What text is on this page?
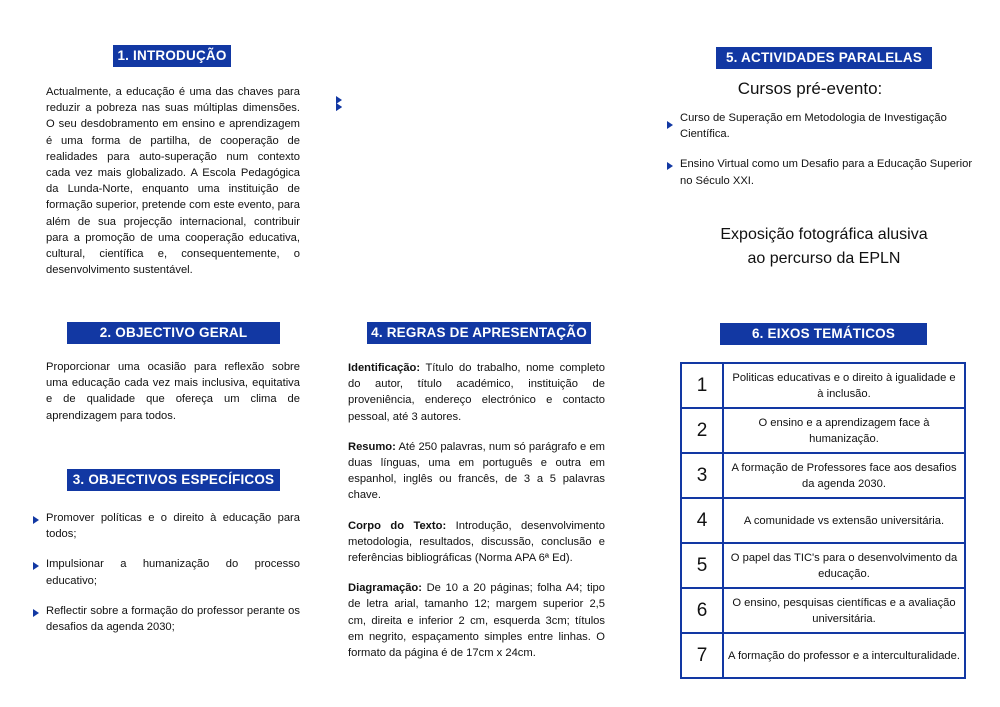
1. INTRODUÇÃO
Actualmente, a educação é uma das chaves para reduzir a pobreza nas suas múltiplas dimensões. O seu desdobramento em ensino e aprendizagem é uma forma de partilha, de cooperação de realidades para auto-superação num contexto cada vez mais globalizado. A Escola Pedagógica da Lunda-Norte, enquanto uma instituição de formação superior, pretende com este evento, para além de sua projecção internacional, contribuir para a promoção de uma cooperação educativa, cultural, científica e, consequentemente, o desenvolvimento sustentável.
2. OBJECTIVO GERAL
Proporcionar uma ocasião para reflexão sobre uma educação cada vez mais inclusiva, equitativa e de qualidade que ofereça um clima de aprendizagem para todos.
3. OBJECTIVOS ESPECÍFICOS
Promover políticas e o direito à educação para todos;
Impulsionar a humanização do processo educativo;
Reflectir sobre a formação do professor perante os desafios da agenda 2030;
4. REGRAS DE APRESENTAÇÃO

Identificação: Título do trabalho, nome completo do autor, título académico, instituição de proveniência, endereço electrónico e contacto pessoal, até 3 autores.

Resumo: Até 250 palavras, num só parágrafo e em duas línguas, uma em português e outra em espanhol, inglês ou francês, de 3 a 5 palavras chave.

Corpo do Texto: Introdução, desenvolvimento metodologia, resultados, discussão, conclusão e referências bibliográficas (Norma APA 6ª Ed).

Diagramação: De 10 a 20 páginas; folha A4; tipo de letra arial, tamanho 12; margem superior 2,5 cm, direita e inferior 2 cm, esquerda 3cm; títulos em negrito, espaçamento simples entre linhas. O formato da página é de 17cm x 24cm.

5. ACTIVIDADES PARALELAS
Cursos pré-evento:
Curso de Superação em Metodologia de Investigação Científica.
Ensino Virtual como um Desafio para a Educação Superior no Século XXI.
Exposição fotográfica alusiva
ao percurso da EPLN
6. EIXOS TEMÁTICOS
1	Politicas educativas e o direito à igualidade e à inclusão.
2	O ensino e a aprendizagem face à humanização.
3	A formação de Professores face aos desafios da agenda 2030.
4	A comunidade vs extensão universitária.
5	O papel das TIC's para o desenvolvimento da educação.
6	O ensino, pesquisas científicas e a avaliação universitária.
7	A formação do professor e a interculturalidade.
